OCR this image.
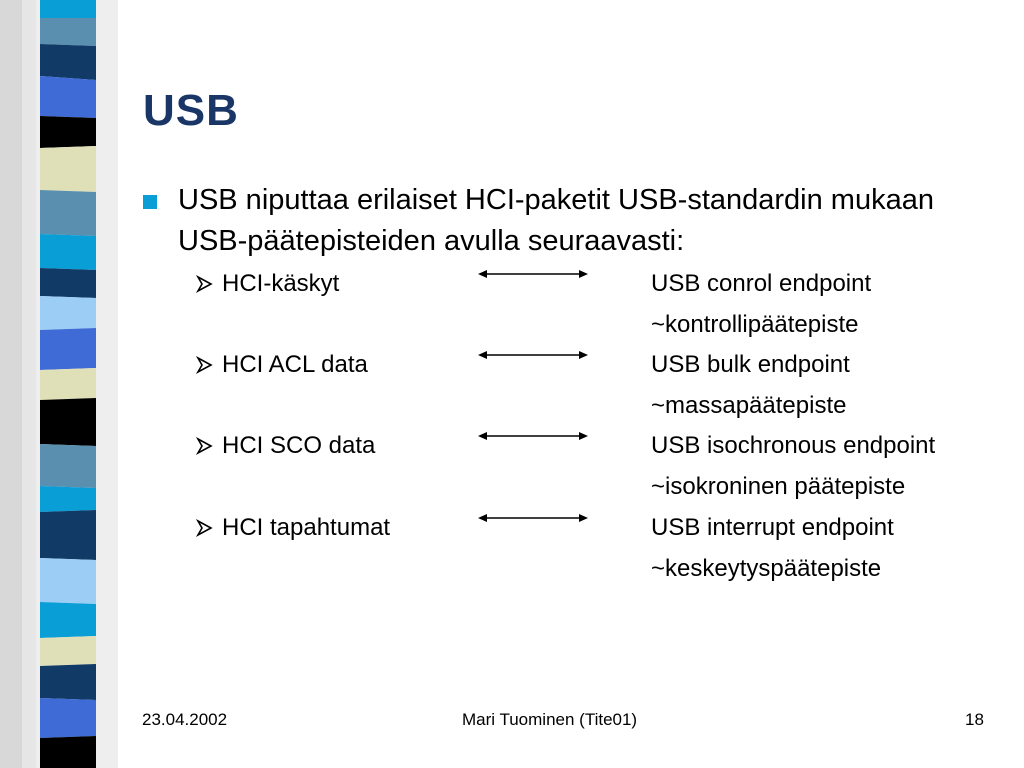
USB
USB niputtaa erilaiset HCI-paketit USB-standardin mukaan USB-päätepisteiden avulla seuraavasti:
HCI-käskyt	USB conrol endpoint
~kontrollipäätepiste
HCI ACL data	USB bulk endpoint
~massapäätepiste
HCI SCO data	USB isochronous endpoint
~isokroninen päätepiste
HCI tapahtumat	USB interrupt endpoint
~keskeytyspäätepiste
23.04.2002	Mari Tuominen (Tite01)	18
